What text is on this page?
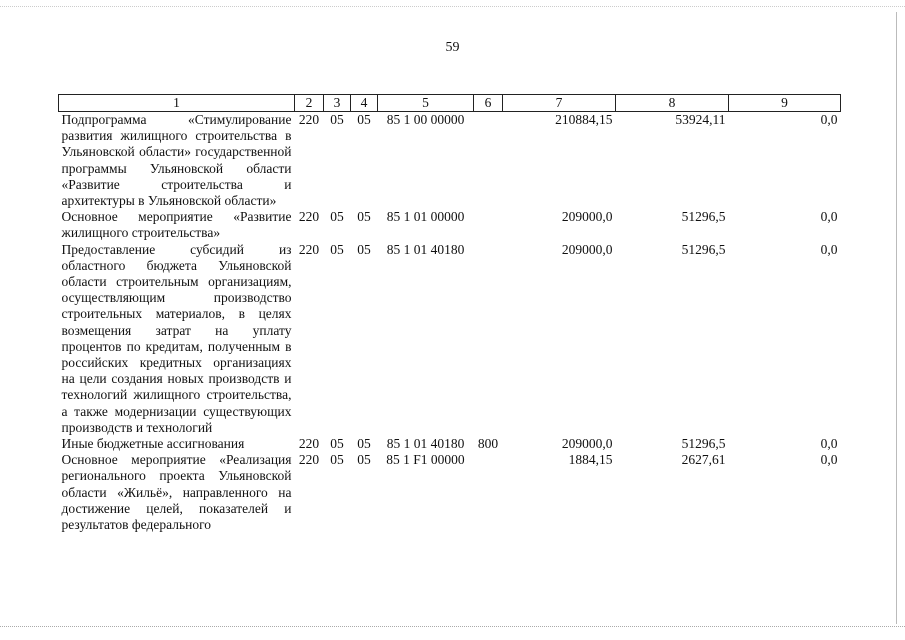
59
1	2	3	4	5	6	7	8	9
Подпрограмма «Стимулирование развития жилищного строительства в Ульяновской области» государственной программы Ульяновской области «Развитие строительства и архитектуры в Ульяновской области»	220	05	05	85 1 00 00000		210884,15	53924,11	0,0
Основное мероприятие «Развитие жилищного строительства»	220	05	05	85 1 01 00000		209000,0	51296,5	0,0
Предоставление субсидий из областного бюджета Ульяновской области строительным организациям, осуществляющим производство строительных материалов, в целях возмещения затрат на уплату процентов по кредитам, полученным в российских кредитных организациях на цели создания новых производств и технологий жилищного строительства, а также модернизации существующих производств и технологий	220	05	05	85 1 01 40180		209000,0	51296,5	0,0
Иные бюджетные ассигнования	220	05	05	85 1 01 40180	800	209000,0	51296,5	0,0
Основное мероприятие «Реализация регионального проекта Ульяновской области «Жильё», направленного на достижение целей, показателей и результатов федерального	220	05	05	85 1 F1 00000		1884,15	2627,61	0,0
